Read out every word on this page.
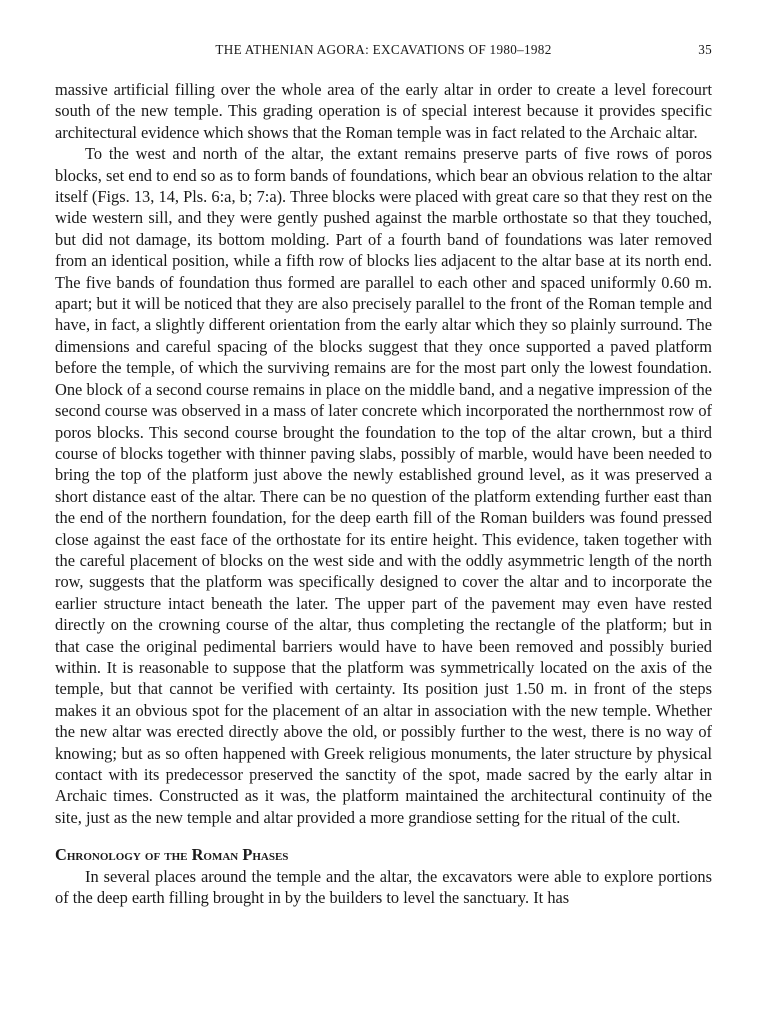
THE ATHENIAN AGORA: EXCAVATIONS OF 1980–1982	35

massive artificial filling over the whole area of the early altar in order to create a level forecourt south of the new temple. This grading operation is of special interest because it provides specific architectural evidence which shows that the Roman temple was in fact related to the Archaic altar.

To the west and north of the altar, the extant remains preserve parts of five rows of poros blocks, set end to end so as to form bands of foundations, which bear an obvious relation to the altar itself (Figs. 13, 14, Pls. 6:a, b; 7:a). Three blocks were placed with great care so that they rest on the wide western sill, and they were gently pushed against the marble orthostate so that they touched, but did not damage, its bottom molding. Part of a fourth band of foundations was later removed from an identical position, while a fifth row of blocks lies adjacent to the altar base at its north end. The five bands of foundation thus formed are parallel to each other and spaced uniformly 0.60 m. apart; but it will be noticed that they are also precisely parallel to the front of the Roman temple and have, in fact, a slightly different orientation from the early altar which they so plainly surround. The dimensions and careful spacing of the blocks suggest that they once supported a paved platform before the temple, of which the surviving remains are for the most part only the lowest foundation. One block of a second course remains in place on the middle band, and a negative impression of the second course was observed in a mass of later concrete which incorporated the northernmost row of poros blocks. This second course brought the foundation to the top of the altar crown, but a third course of blocks together with thinner paving slabs, possibly of marble, would have been needed to bring the top of the platform just above the newly established ground level, as it was preserved a short distance east of the altar. There can be no question of the platform extending further east than the end of the northern foundation, for the deep earth fill of the Roman builders was found pressed close against the east face of the orthostate for its entire height. This evidence, taken together with the careful placement of blocks on the west side and with the oddly asymmetric length of the north row, suggests that the platform was specifically designed to cover the altar and to incorporate the earlier structure intact beneath the later. The upper part of the pavement may even have rested directly on the crowning course of the altar, thus completing the rectangle of the platform; but in that case the original pedimental barriers would have to have been removed and possibly buried within. It is reasonable to suppose that the platform was symmetrically located on the axis of the temple, but that cannot be verified with certainty. Its position just 1.50 m. in front of the steps makes it an obvious spot for the placement of an altar in association with the new temple. Whether the new altar was erected directly above the old, or possibly further to the west, there is no way of knowing; but as so often happened with Greek religious monuments, the later structure by physical contact with its predecessor preserved the sanctity of the spot, made sacred by the early altar in Archaic times. Constructed as it was, the platform maintained the architectural continuity of the site, just as the new temple and altar provided a more grandiose setting for the ritual of the cult.

Chronology of the Roman Phases

In several places around the temple and the altar, the excavators were able to explore portions of the deep earth filling brought in by the builders to level the sanctuary. It has
